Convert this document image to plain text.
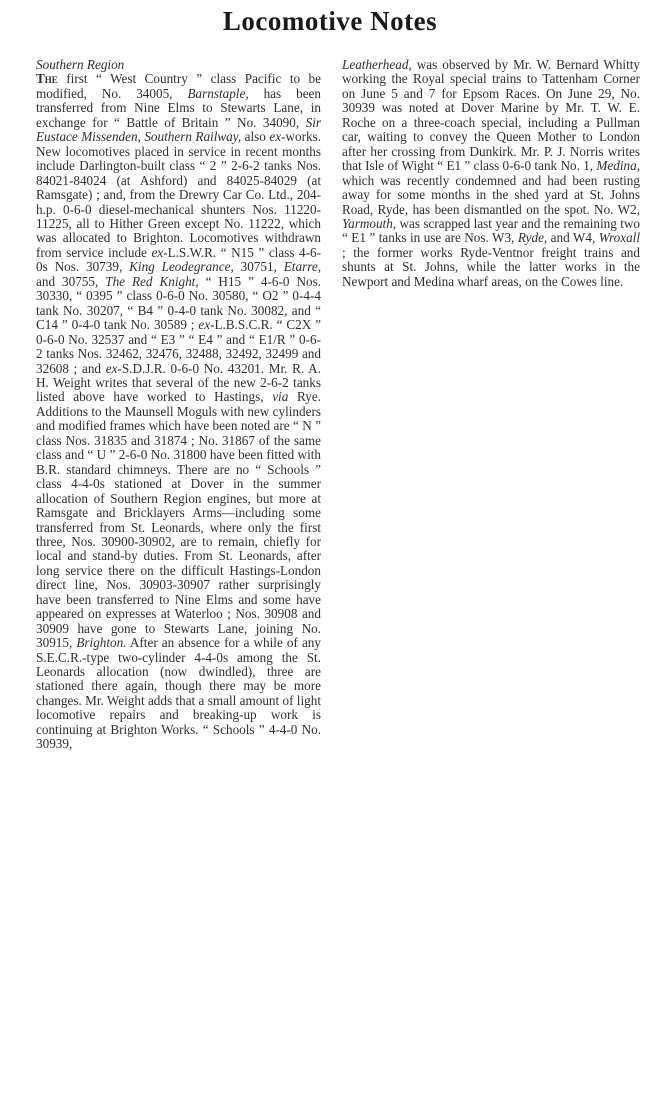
Locomotive Notes

Southern Region

The first “ West Country ” class Pacific to be modified, No. 34005, Barnstaple, has been transferred from Nine Elms to Stewarts Lane, in exchange for “ Battle of Britain ” No. 34090, Sir Eustace Missenden, Southern Railway, also ex-works. New locomotives placed in service in recent months include Darlington-built class “ 2 ” 2-6-2 tanks Nos. 84021-84024 (at Ashford) and 84025-84029 (at Ramsgate) ; and, from the Drewry Car Co. Ltd., 204-h.p. 0-6-0 diesel-mechanical shunters Nos. 11220-11225, all to Hither Green except No. 11222, which was allocated to Brighton. Locomotives withdrawn from service include ex-L.S.W.R. “ N15 ” class 4-6-0s Nos. 30739, King Leodegrance, 30751, Etarre, and 30755, The Red Knight, “ H15 ” 4-6-0 Nos. 30330, “ 0395 ” class 0-6-0 No. 30580, “ O2 ” 0-4-4 tank No. 30207, “ B4 ” 0-4-0 tank No. 30082, and “ C14 ” 0-4-0 tank No. 30589 ; ex-L.B.S.C.R. “ C2X ” 0-6-0 No. 32537 and “ E3 ” “ E4 ” and “ E1/R ” 0-6-2 tanks Nos. 32462, 32476, 32488, 32492, 32499 and 32608 ; and ex-S.D.J.R. 0-6-0 No. 43201. Mr. R. A. H. Weight writes that several of the new 2-6-2 tanks listed above have worked to Hastings, via Rye. Additions to the Maunsell Moguls with new cylinders and modified frames which have been noted are “ N ” class Nos. 31835 and 31874 ; No. 31867 of the same class and “ U ” 2-6-0 No. 31800 have been fitted with B.R. standard chimneys. There are no “ Schools ” class 4-4-0s stationed at Dover in the summer allocation of Southern Region engines, but more at Ramsgate and Bricklayers Arms—including some transferred from St. Leonards, where only the first three, Nos. 30900-30902, are to remain, chiefly for local and stand-by duties. From St. Leonards, after long service there on the difficult Hastings-London direct line, Nos. 30903-30907 rather surprisingly have been transferred to Nine Elms and some have appeared on expresses at Waterloo ; Nos. 30908 and 30909 have gone to Stewarts Lane, joining No. 30915, Brighton. After an absence for a while of any S.E.C.R.-type two-cylinder 4-4-0s among the St. Leonards allocation (now dwindled), three are stationed there again, though there may be more changes. Mr. Weight adds that a small amount of light locomotive repairs and breaking-up work is continuing at Brighton Works. “ Schools ” 4-4-0 No. 30939,

Leatherhead, was observed by Mr. W. Bernard Whitty working the Royal special trains to Tattenham Corner on June 5 and 7 for Epsom Races. On June 29, No. 30939 was noted at Dover Marine by Mr. T. W. E. Roche on a three-coach special, including a Pullman car, waiting to convey the Queen Mother to London after her crossing from Dunkirk. Mr. P. J. Norris writes that Isle of Wight “ E1 ” class 0-6-0 tank No. 1, Medina, which was recently condemned and had been rusting away for some months in the shed yard at St. Johns Road, Ryde, has been dismantled on the spot. No. W2, Yarmouth, was scrapped last year and the remaining two “ E1 ” tanks in use are Nos. W3, Ryde, and W4, Wroxall ; the former works Ryde-Ventnor freight trains and shunts at St. Johns, while the latter works in the Newport and Medina wharf areas, on the Cowes line.
